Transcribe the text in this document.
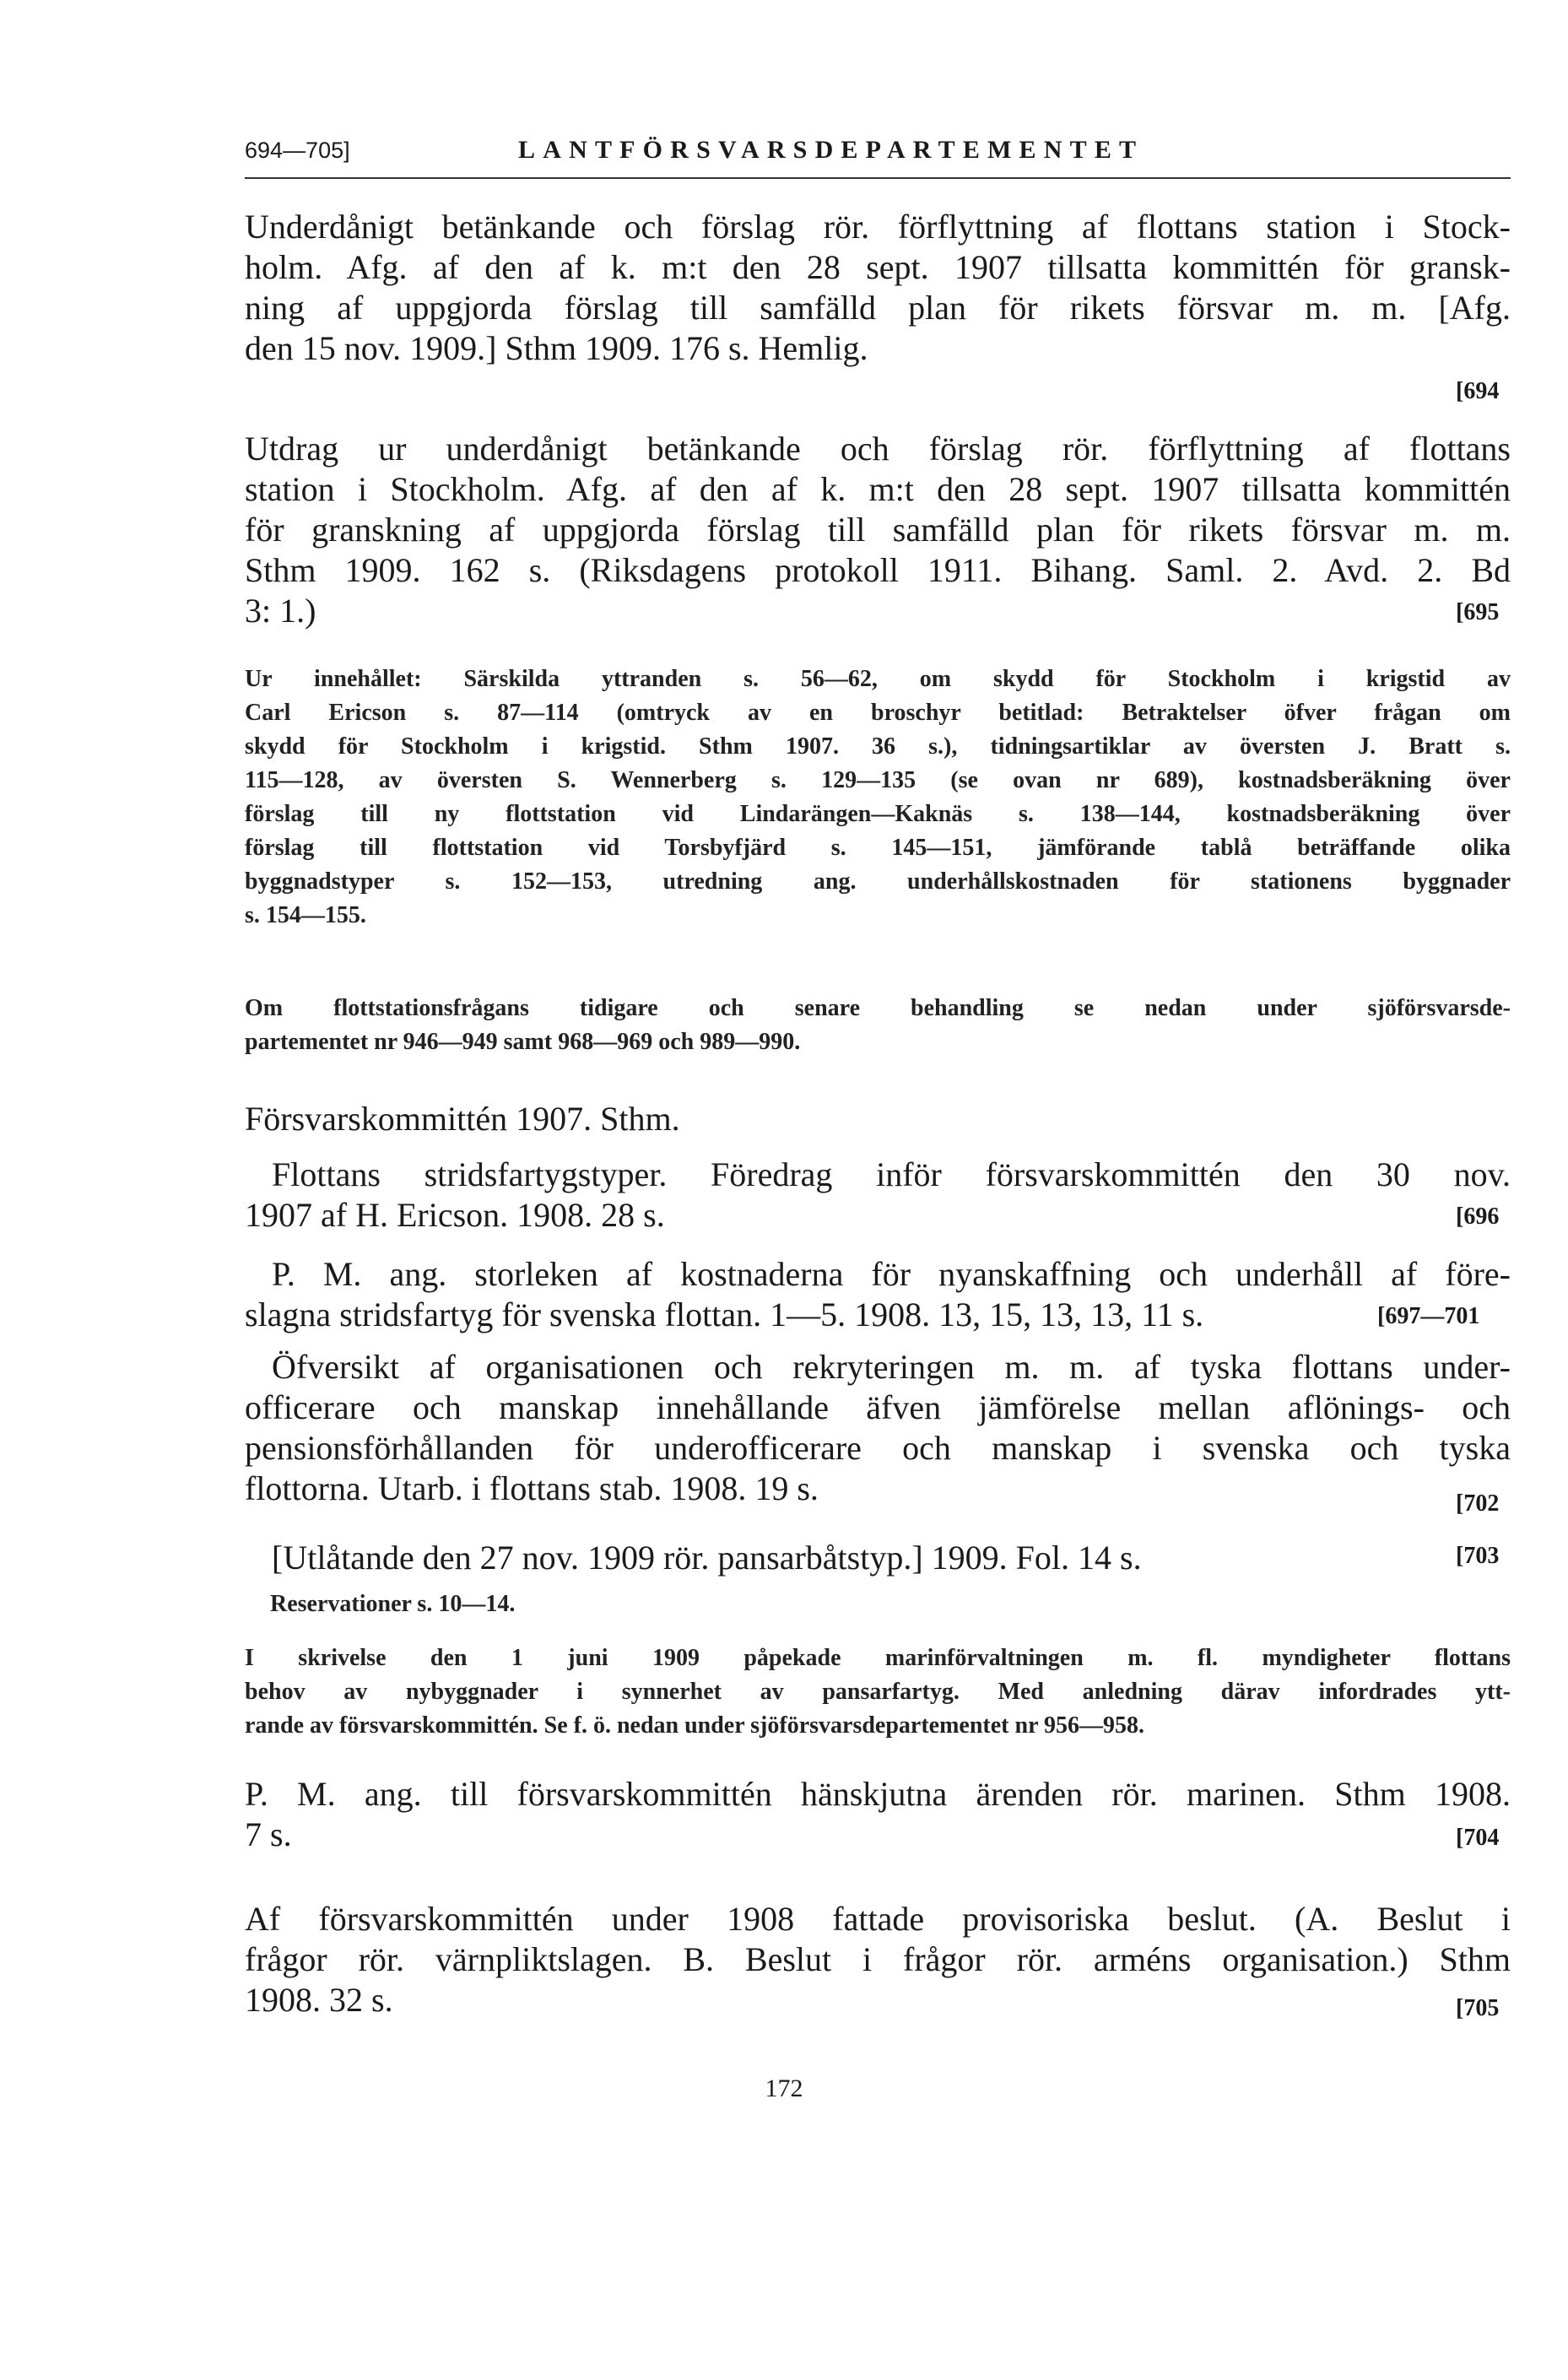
694—705]	LANTFÖRSVARSDEPARTEMENTET
Underdånigt betänkande och förslag rör. förflyttning af flottans station i Stock-
holm. Afg. af den af k. m:t den 28 sept. 1907 tillsatta kommittén för gransk-
ning af uppgjorda förslag till samfälld plan för rikets försvar m. m. [Afg.
den 15 nov. 1909.] Sthm 1909. 176 s. Hemlig.
[694
Utdrag ur underdånigt betänkande och förslag rör. förflyttning af flottans
station i Stockholm. Afg. af den af k. m:t den 28 sept. 1907 tillsatta kommittén
för granskning af uppgjorda förslag till samfälld plan för rikets försvar m. m.
Sthm 1909. 162 s. (Riksdagens protokoll 1911. Bihang. Saml. 2. Avd. 2. Bd
3: 1.)	[695
Ur innehållet: Särskilda yttranden s. 56—62, om skydd för Stockholm i krigstid av
Carl Ericson s. 87—114 (omtryck av en broschyr betitlad: Betraktelser öfver frågan om
skydd för Stockholm i krigstid. Sthm 1907. 36 s.), tidningsartiklar av översten J. Bratt s.
115—128, av översten S. Wennerberg s. 129—135 (se ovan nr 689), kostnadsberäkning över
förslag till ny flottstation vid Lindarängen—Kaknäs s. 138—144, kostnadsberäkning över
förslag till flottstation vid Torsbyfjärd s. 145—151, jämförande tablå beträffande olika
byggnadstyper s. 152—153, utredning ang. underhållskostnaden för stationens byggnader
s. 154—155.
Om flottstationsfrågans tidigare och senare behandling se nedan under sjöförsvarsde-
partementet nr 946—949 samt 968—969 och 989—990.
Försvarskommittén 1907. Sthm.
Flottans stridsfartygstyper. Föredrag inför försvarskommittén den 30 nov.
1907 af H. Ericson. 1908. 28 s.	[696
P. M. ang. storleken af kostnaderna för nyanskaffning och underhåll af före-
slagna stridsfartyg för svenska flottan. 1—5. 1908. 13, 15, 13, 13, 11 s.	[697—701
Öfversikt af organisationen och rekryteringen m. m. af tyska flottans under-
officerare och manskap innehållande äfven jämförelse mellan aflönings- och
pensionsförhållanden för underofficerare och manskap i svenska och tyska
flottorna. Utarb. i flottans stab. 1908. 19 s.	[702
[Utlåtande den 27 nov. 1909 rör. pansarbåtstyp.] 1909. Fol. 14 s.	[703
Reservationer s. 10—14.
I skrivelse den 1 juni 1909 påpekade marinförvaltningen m. fl. myndigheter flottans
behov av nybyggnader i synnerhet av pansarfartyg. Med anledning därav infordrades ytt-
rande av försvarskommittén. Se f. ö. nedan under sjöförsvarsdepartementet nr 956—958.
P. M. ang. till försvarskommittén hänskjutna ärenden rör. marinen. Sthm 1908.
7 s.	[704
Af försvarskommittén under 1908 fattade provisoriska beslut. (A. Beslut i
frågor rör. värnpliktslagen. B. Beslut i frågor rör. arméns organisation.) Sthm
1908. 32 s.	[705
172
